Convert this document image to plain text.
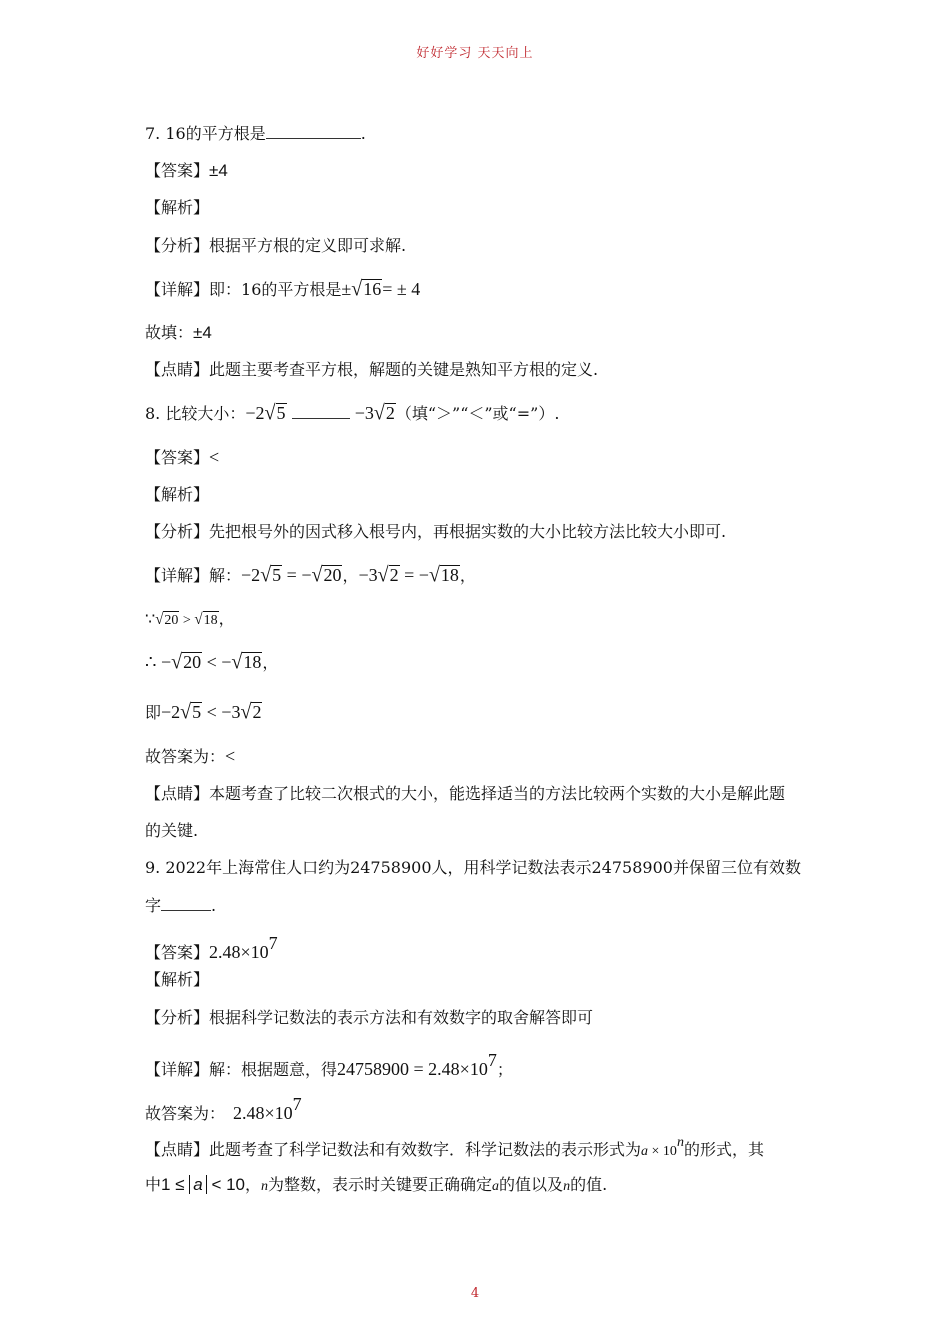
好好学习 天天向上
7. 16的平方根是	.
【答案】±4
【解析】
【分析】根据平方根的定义即可求解.
【详解】即：16的平方根是±√16= ± 4
故填：±4
【点睛】此题主要考查平方根，解题的关键是熟知平方根的定义.
8. 比较大小：−2√5	−3√2（填“＞”“＜”或“=”）.
【答案】<
【解析】
【分析】先把根号外的因式移入根号内，再根据实数的大小比较方法比较大小即可.
【详解】解：−2√5 = −√20，−3√2 = −√18，
∵√20 > √18，
∴ −√20 < −√18，
即−2√5 < −3√2
故答案为：<
【点睛】本题考查了比较二次根式的大小，能选择适当的方法比较两个实数的大小是解此题
的关键.
9. 2022年上海常住人口约为24758900人，用科学记数法表示24758900并保留三位有效数
字	.
【答案】$2.48\times 10^7$
【解析】
【分析】根据科学记数法的表示方法和有效数字的取舍解答即可
【详解】解：根据题意，得$24758900 = 2.48\times 10^7$；
故答案为： $2.48\times 10^7$
【点睛】此题考查了科学记数法和有效数字．科学记数法的表示形式为$a \times 10^n$的形式，其
中1 ≤ a < 10，n为整数，表示时关键要正确确定a的值以及n的值.
4
